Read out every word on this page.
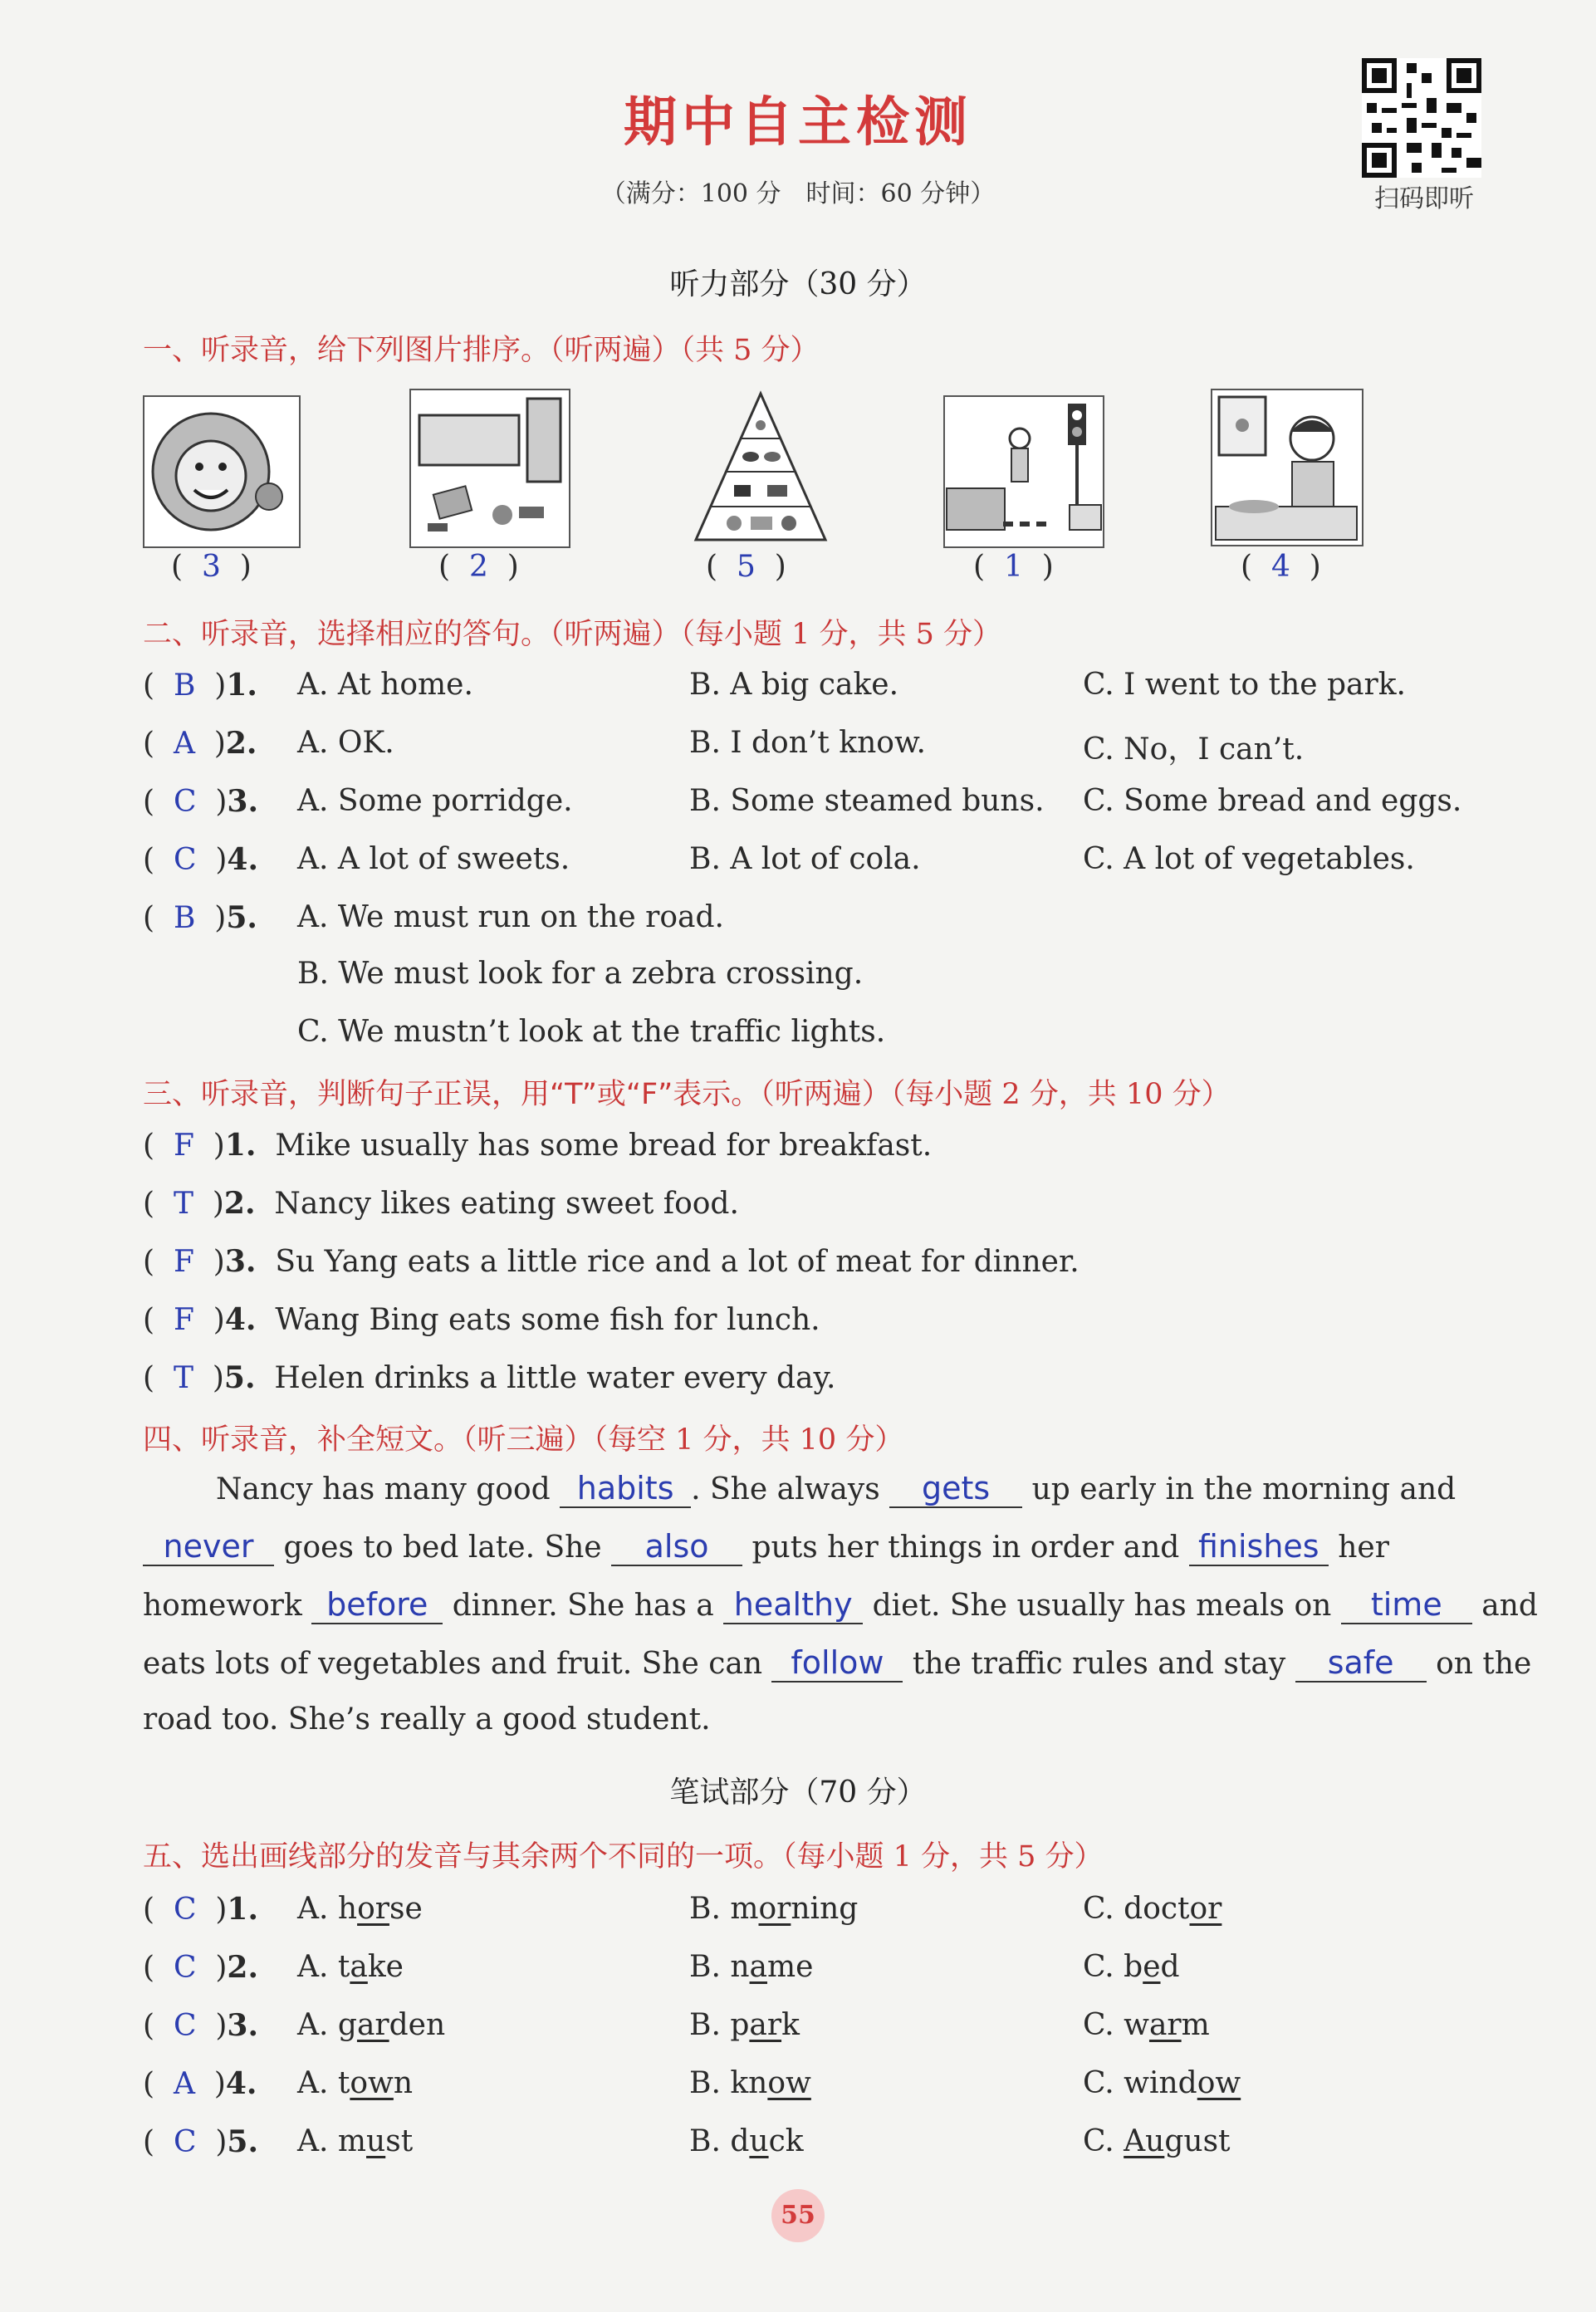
期中自主检测
（满分：100 分　时间：60 分钟）	扫码即听
听力部分（30 分）
一、听录音，给下列图片排序。（听两遍）（共 5 分）
(  3  )	(  2  )	(  5  )	(  1  )	(  4  )
二、听录音，选择相应的答句。（听两遍）（每小题 1 分，共 5 分）
(  B  )1. A. At home.	B. A big cake.	C. I went to the park.
(  A  )2. A. OK.	B. I don’t know.	C. No，I can’t.
(  C  )3. A. Some porridge.	B. Some steamed buns. C. Some bread and eggs.
(  C  )4. A. A lot of sweets.	B. A lot of cola.	C. A lot of vegetables.
(  B  )5. A. We must run on the road.
B. We must look for a zebra crossing.
C. We mustn’t look at the traffic lights.
三、听录音，判断句子正误，用“T”或“F”表示。（听两遍）（每小题 2 分，共 10 分）
(  F  )1. Mike usually has some bread for breakfast.
(  T  )2. Nancy likes eating sweet food.
(  F  )3. Su Yang eats a little rice and a lot of meat for dinner.
(  F  )4. Wang Bing eats some fish for lunch.
(  T  )5. Helen drinks a little water every day.
四、听录音，补全短文。（听三遍）（每空 1 分，共 10 分）
Nancy has many good habits . She always gets up early in the morning and
never goes to bed late. She also puts her things in order and finishes her
homework before dinner. She has a healthy diet. She usually has meals on time and
eats lots of vegetables and fruit. She can follow the traffic rules and stay safe on the
road too. She’s really a good student.
笔试部分（70 分）
五、选出画线部分的发音与其余两个不同的一项。（每小题 1 分，共 5 分）
(  C  )1. A. horse	B. morning	C. doctor
(  C  )2. A. take	B. name	C. bed
(  C  )3. A. garden	B. park	C. warm
(  A  )4. A. town	B. know	C. window
(  C  )5. A. must	B. duck	C. August
55
